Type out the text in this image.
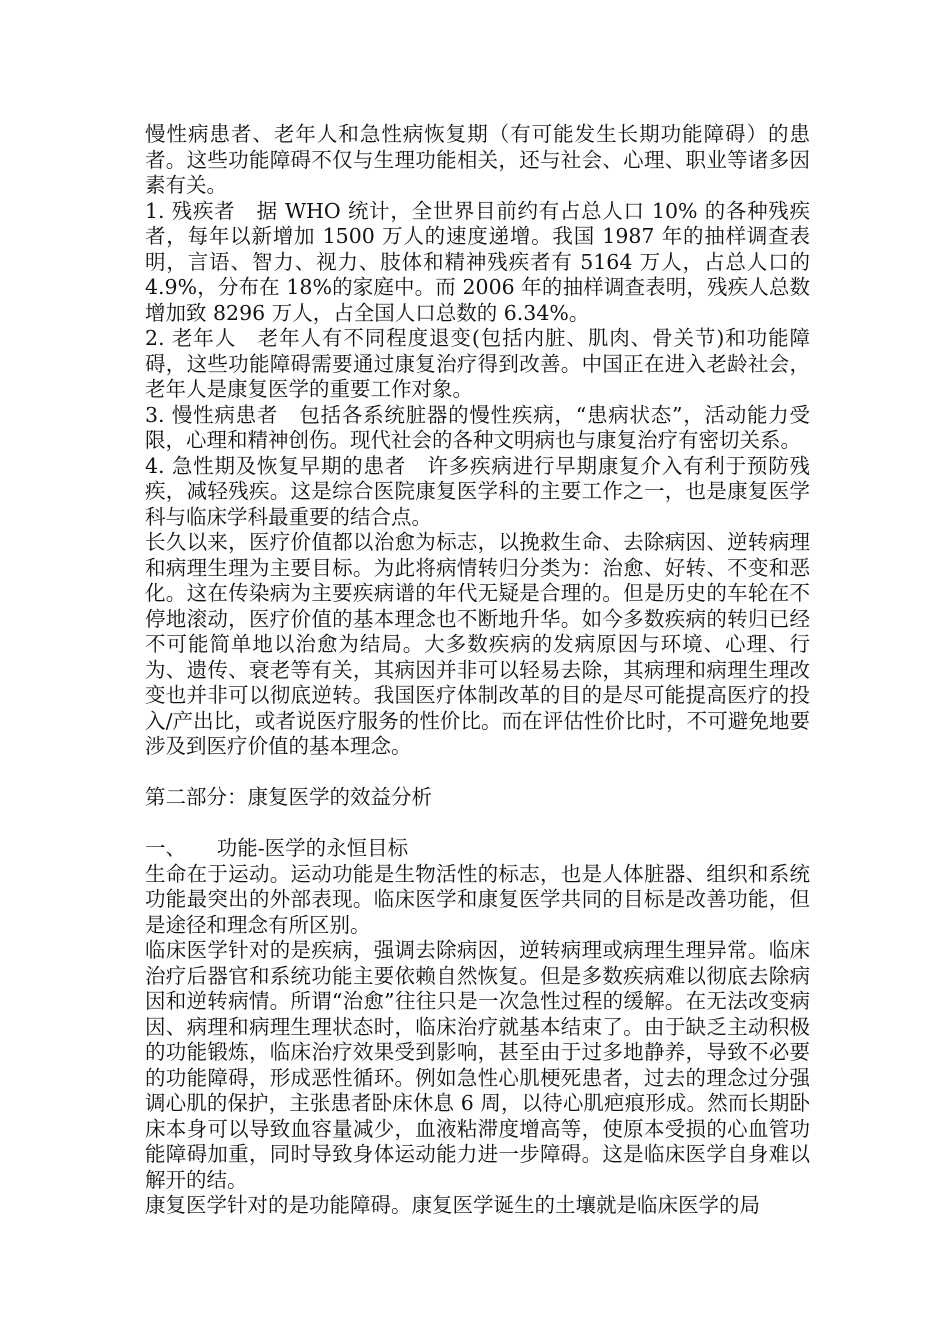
慢性病患者、老年人和急性病恢复期（有可能发生长期功能障碍）的患者。这些功能障碍不仅与生理功能相关，还与社会、心理、职业等诸多因素有关。

1. 残疾者　据 WHO 统计，全世界目前约有占总人口 10% 的各种残疾者，每年以新增加 1500 万人的速度递增。我国 1987 年的抽样调查表明，言语、智力、视力、肢体和精神残疾者有 5164 万人，占总人口的 4.9%，分布在 18%的家庭中。而 2006 年的抽样调查表明，残疾人总数增加致 8296 万人，占全国人口总数的 6.34%。

2. 老年人　老年人有不同程度退变(包括内脏、肌肉、骨关节)和功能障碍，这些功能障碍需要通过康复治疗得到改善。中国正在进入老龄社会，老年人是康复医学的重要工作对象。

3. 慢性病患者　包括各系统脏器的慢性疾病，“患病状态”，活动能力受限，心理和精神创伤。现代社会的各种文明病也与康复治疗有密切关系。

4. 急性期及恢复早期的患者　许多疾病进行早期康复介入有利于预防残疾，减轻残疾。这是综合医院康复医学科的主要工作之一，也是康复医学科与临床学科最重要的结合点。

长久以来，医疗价值都以治愈为标志，以挽救生命、去除病因、逆转病理和病理生理为主要目标。为此将病情转归分类为：治愈、好转、不变和恶化。这在传染病为主要疾病谱的年代无疑是合理的。但是历史的车轮在不停地滚动，医疗价值的基本理念也不断地升华。如今多数疾病的转归已经不可能简单地以治愈为结局。大多数疾病的发病原因与环境、心理、行为、遗传、衰老等有关，其病因并非可以轻易去除，其病理和病理生理改变也并非可以彻底逆转。我国医疗体制改革的目的是尽可能提高医疗的投入/产出比，或者说医疗服务的性价比。而在评估性价比时，不可避免地要涉及到医疗价值的基本理念。

第二部分：康复医学的效益分析

一、　　功能-医学的永恒目标

生命在于运动。运动功能是生物活性的标志，也是人体脏器、组织和系统功能最突出的外部表现。临床医学和康复医学共同的目标是改善功能，但是途径和理念有所区别。

临床医学针对的是疾病，强调去除病因，逆转病理或病理生理异常。临床治疗后器官和系统功能主要依赖自然恢复。但是多数疾病难以彻底去除病因和逆转病情。所谓“治愈”往往只是一次急性过程的缓解。在无法改变病因、病理和病理生理状态时，临床治疗就基本结束了。由于缺乏主动积极的功能锻炼，临床治疗效果受到影响，甚至由于过多地静养，导致不必要的功能障碍，形成恶性循环。例如急性心肌梗死患者，过去的理念过分强调心肌的保护，主张患者卧床休息 6 周，以待心肌疤痕形成。然而长期卧床本身可以导致血容量减少，血液粘滞度增高等，使原本受损的心血管功能障碍加重，同时导致身体运动能力进一步障碍。这是临床医学自身难以解开的结。

康复医学针对的是功能障碍。康复医学诞生的土壤就是临床医学的局
